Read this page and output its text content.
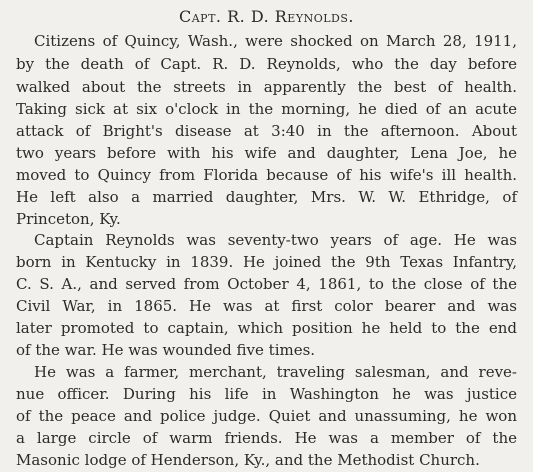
Capt. R. D. Reynolds.
Citizens of Quincy, Wash., were shocked on March 28, 1911,
by the death of Capt. R. D. Reynolds, who the day before
walked about the streets in apparently the best of health.
Taking sick at six o'clock in the morning, he died of an acute
attack of Bright's disease at 3:40 in the afternoon. About
two years before with his wife and daughter, Lena Joe, he
moved to Quincy from Florida because of his wife's ill health.
He left also a married daughter, Mrs. W. W. Ethridge, of
Princeton, Ky.
Captain Reynolds was seventy-two years of age. He was
born in Kentucky in 1839. He joined the 9th Texas Infantry,
C. S. A., and served from October 4, 1861, to the close of the
Civil War, in 1865. He was at first color bearer and was
later promoted to captain, which position he held to the end
of the war. He was wounded five times.
He was a farmer, merchant, traveling salesman, and reve-
nue officer. During his life in Washington he was justice
of the peace and police judge. Quiet and unassuming, he won
a large circle of warm friends. He was a member of the
Masonic lodge of Henderson, Ky., and the Methodist Church.
